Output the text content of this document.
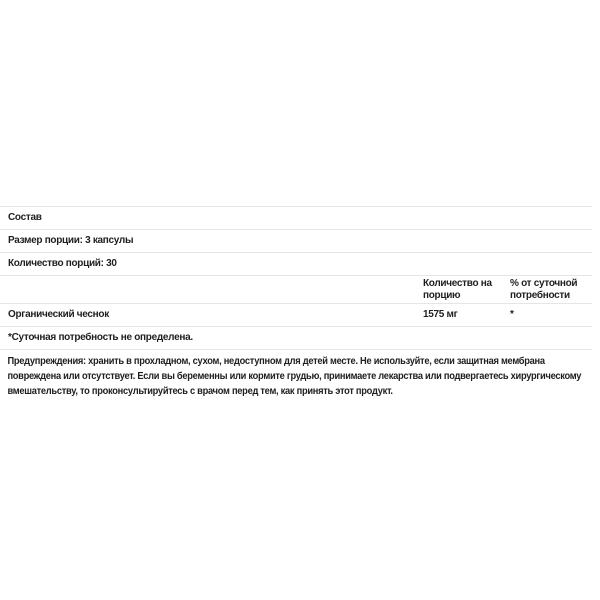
Состав
Размер порции: 3 капсулы
Количество порций: 30
Количество на порцию
% от суточной потребности
Органический чеснок	1575 мг	*
*Суточная потребность не определена.

Предупреждения: хранить в прохладном, сухом, недоступном для детей месте. Не используйте, если защитная мембрана повреждена или отсутствует. Если вы беременны или кормите грудью, принимаете лекарства или подвергаетесь хирургическому вмешательству, то проконсультируйтесь с врачом перед тем, как принять этот продукт.
